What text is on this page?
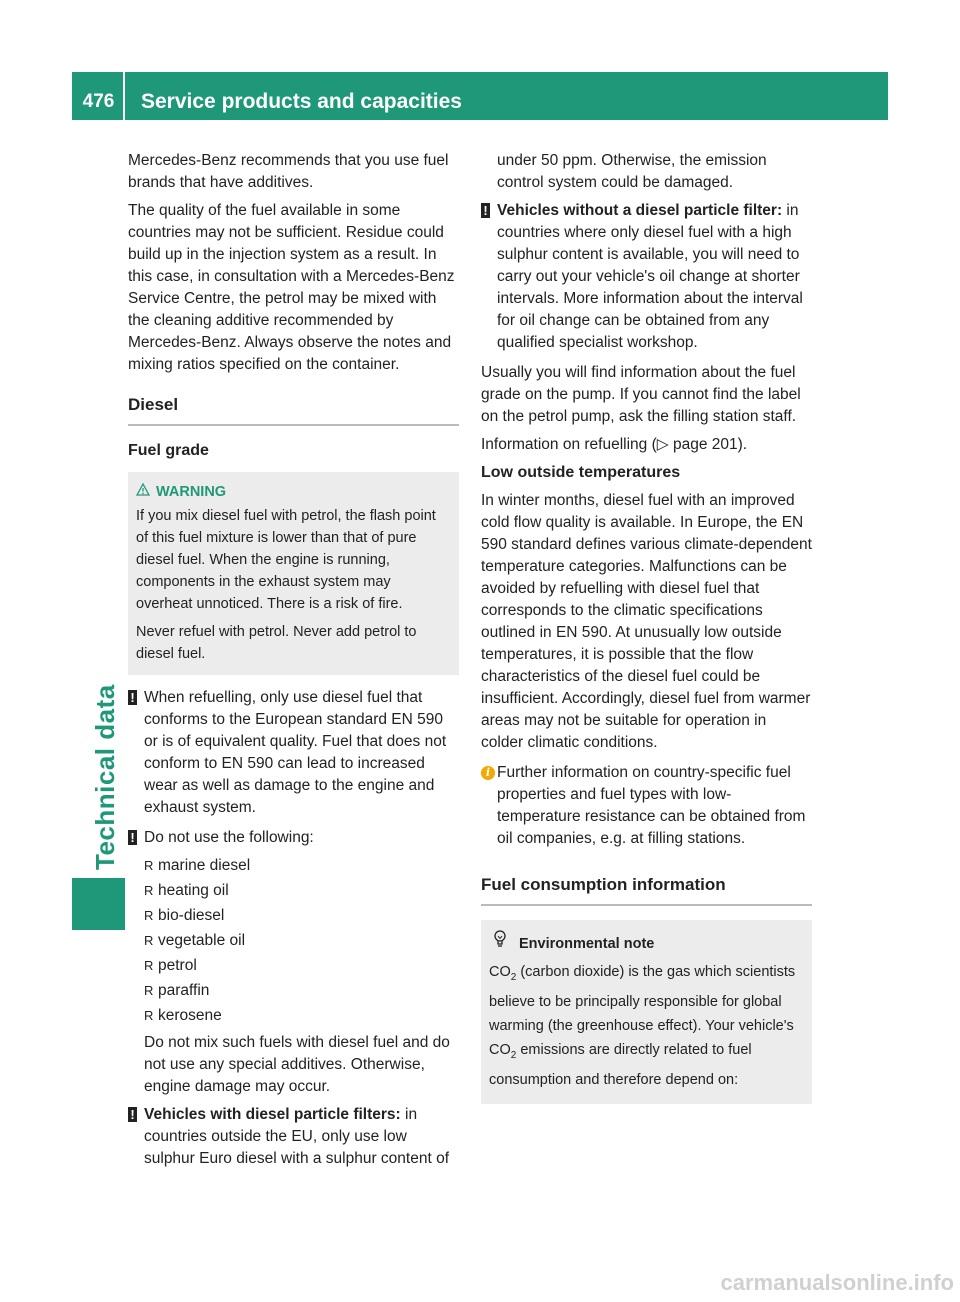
476	Service products and capacities
Technical data

Mercedes-Benz recommends that you use fuel brands that have additives.

The quality of the fuel available in some countries may not be sufficient. Residue could build up in the injection system as a result. In this case, in consultation with a Mercedes-Benz Service Centre, the petrol may be mixed with the cleaning additive recommended by Mercedes-Benz. Always observe the notes and mixing ratios specified on the container.

Diesel
Fuel grade
WARNING

If you mix diesel fuel with petrol, the flash point of this fuel mixture is lower than that of pure diesel fuel. When the engine is running, components in the exhaust system may overheat unnoticed. There is a risk of fire.

Never refuel with petrol. Never add petrol to diesel fuel.

! When refuelling, only use diesel fuel that conforms to the European standard EN 590 or is of equivalent quality. Fuel that does not conform to EN 590 can lead to increased wear as well as damage to the engine and exhaust system.
! Do not use the following:
R marine diesel
R heating oil
R bio-diesel
R vegetable oil
R petrol
R paraffin
R kerosene

Do not mix such fuels with diesel fuel and do not use any special additives. Otherwise, engine damage may occur.

! Vehicles with diesel particle filters: in countries outside the EU, only use low sulphur Euro diesel with a sulphur content of

under 50 ppm. Otherwise, the emission control system could be damaged.

! Vehicles without a diesel particle filter: in countries where only diesel fuel with a high sulphur content is available, you will need to carry out your vehicle's oil change at shorter intervals. More information about the interval for oil change can be obtained from any qualified specialist workshop.

Usually you will find information about the fuel grade on the pump. If you cannot find the label on the petrol pump, ask the filling station staff.

Information on refuelling (▷ page 201).

Low outside temperatures

In winter months, diesel fuel with an improved cold flow quality is available. In Europe, the EN 590 standard defines various climate-dependent temperature categories. Malfunctions can be avoided by refuelling with diesel fuel that corresponds to the climatic specifications outlined in EN 590. At unusually low outside temperatures, it is possible that the flow characteristics of the diesel fuel could be insufficient. Accordingly, diesel fuel from warmer areas may not be suitable for operation in colder climatic conditions.

i Further information on country-specific fuel properties and fuel types with low-temperature resistance can be obtained from oil companies, e.g. at filling stations.
Fuel consumption information
Environmental note

$CO_2$ (carbon dioxide) is the gas which scientists believe to be principally responsible for global warming (the greenhouse effect). Your vehicle's $CO_2$ emissions are directly related to fuel consumption and therefore depend on:

carmanualsonline.info
